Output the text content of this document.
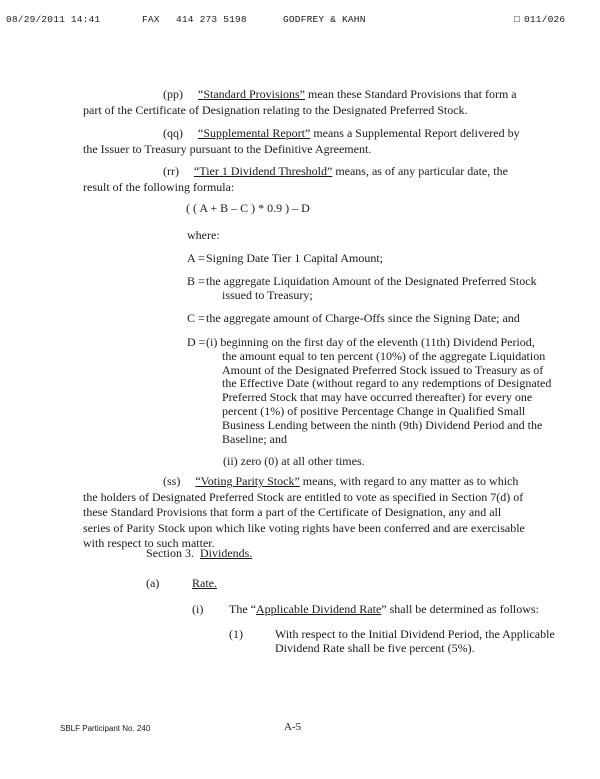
08/29/2011 14:41	FAX 414 273 5198	GODFREY & KAHN	□ 011/026

(pp) “Standard Provisions” mean these Standard Provisions that form a part of the Certificate of Designation relating to the Designated Preferred Stock.

(qq) “Supplemental Report” means a Supplemental Report delivered by the Issuer to Treasury pursuant to the Definitive Agreement.

(rr) “Tier 1 Dividend Threshold” means, as of any particular date, the result of the following formula:

( ( A + B – C ) * 0.9 ) – D
where:
A = Signing Date Tier 1 Capital Amount;
B = the aggregate Liquidation Amount of the Designated Preferred Stock
issued to Treasury;
C = the aggregate amount of Charge-Offs since the Signing Date; and
D = (i) beginning on the first day of the eleventh (11th) Dividend Period,
the amount equal to ten percent (10%) of the aggregate Liquidation
Amount of the Designated Preferred Stock issued to Treasury as of
the Effective Date (without regard to any redemptions of Designated
Preferred Stock that may have occurred thereafter) for every one
percent (1%) of positive Percentage Change in Qualified Small
Business Lending between the ninth (9th) Dividend Period and the
Baseline; and
(ii) zero (0) at all other times.

(ss) “Voting Parity Stock” means, with regard to any matter as to which the holders of Designated Preferred Stock are entitled to vote as specified in Section 7(d) of these Standard Provisions that form a part of the Certificate of Designation, any and all series of Parity Stock upon which like voting rights have been conferred and are exercisable with respect to such matter.

Section 3. Dividends.
(a)	Rate.
(i) The “Applicable Dividend Rate” shall be determined as follows:
(1)	With respect to the Initial Dividend Period, the Applicable
Dividend Rate shall be five percent (5%).
SBLF Participant No. 240	A-5
